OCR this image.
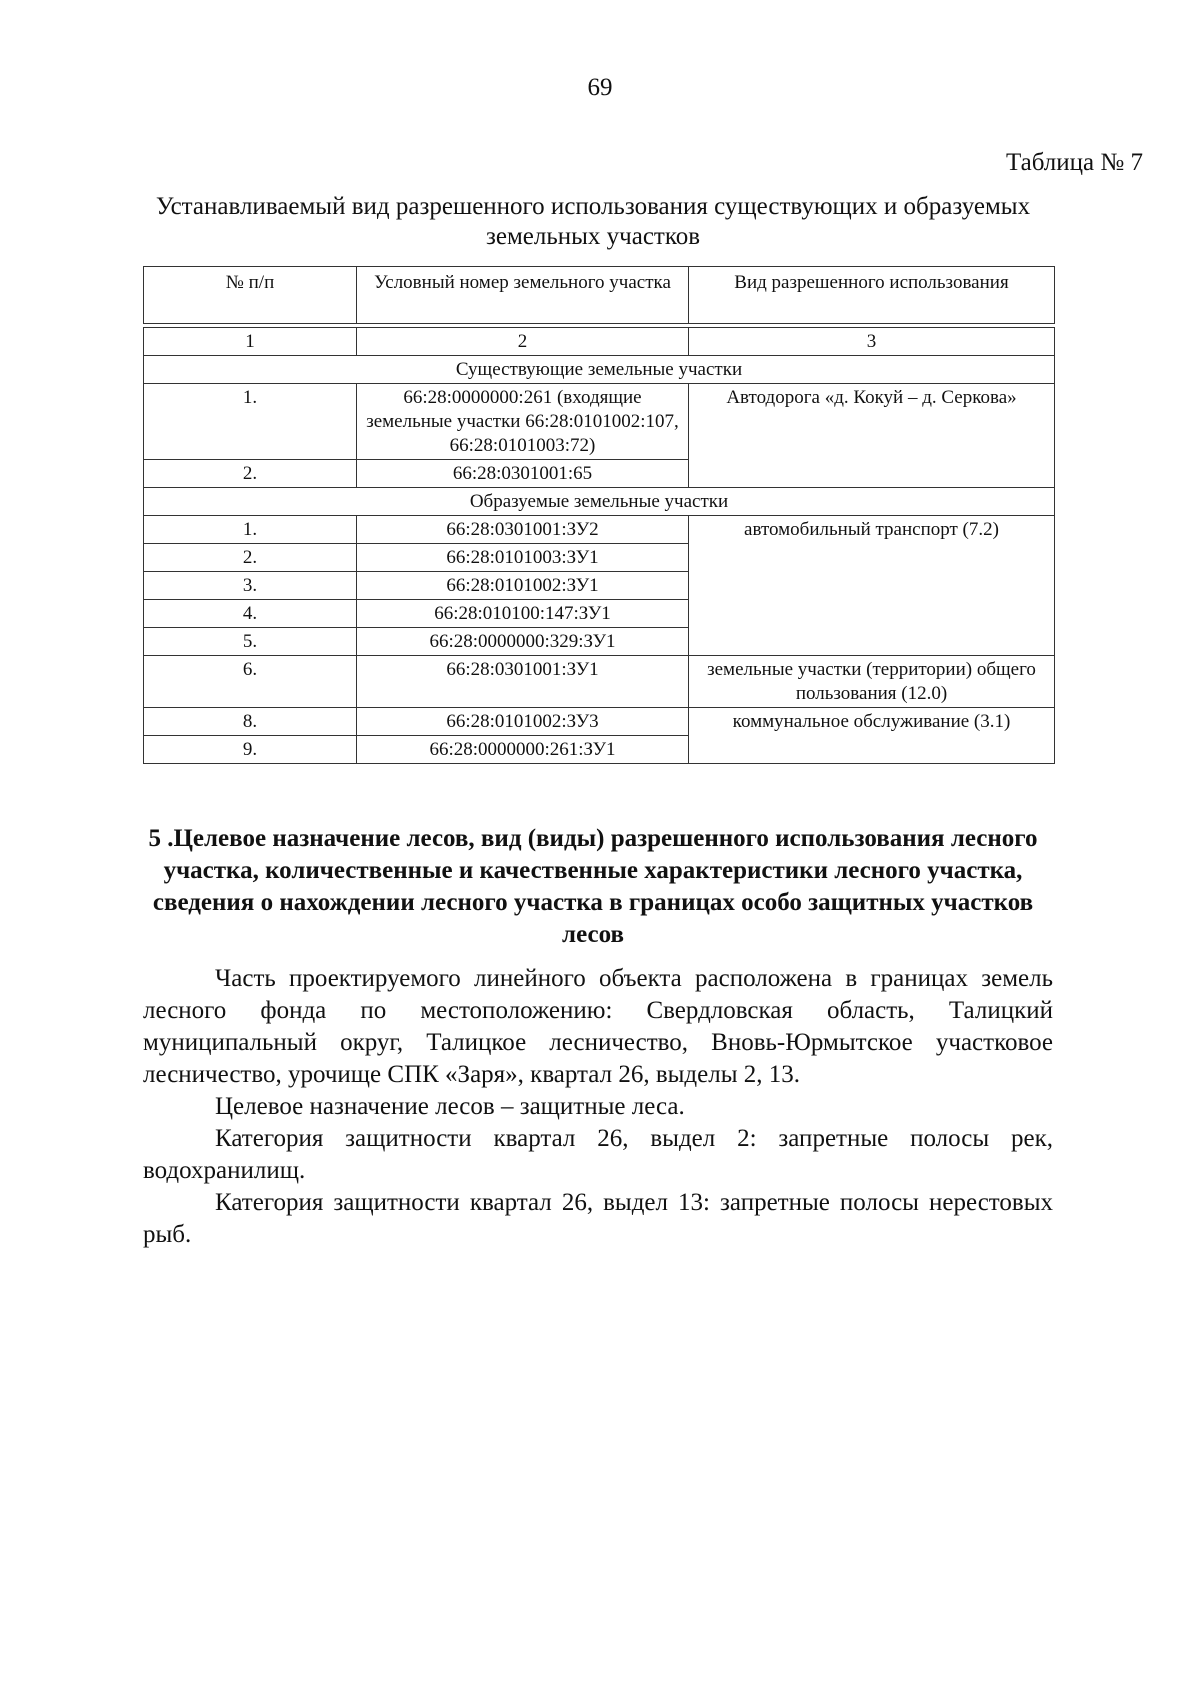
69
Таблица № 7
Устанавливаемый вид разрешенного использования существующих и образуемых земельных участков
№ п/п	Условный номер земельного участка	Вид разрешенного использования

1	2	3
Существующие земельные участки		
1.	66:28:0000000:261 (входящие земельные участки 66:28:0101002:107, 66:28:0101003:72)	Автодорога «д. Кокуй – д. Серкова»
2.	66:28:0301001:65	
Образуемые земельные участки		
1.	66:28:0301001:ЗУ2	автомобильный транспорт (7.2)
2.	66:28:0101003:ЗУ1	
3.	66:28:0101002:ЗУ1	
4.	66:28:010100:147:ЗУ1	
5.	66:28:0000000:329:ЗУ1	
6.	66:28:0301001:ЗУ1	земельные участки (территории) общего пользования (12.0)
8.	66:28:0101002:ЗУ3	коммунальное обслуживание (3.1)
9.	66:28:0000000:261:ЗУ1	
5 .Целевое назначение лесов, вид (виды) разрешенного использования лесного участка, количественные и качественные характеристики лесного участка, сведения о нахождении лесного участка в границах особо защитных участков лесов

Часть проектируемого линейного объекта расположена в границах земель лесного фонда по местоположению: Свердловская область, Талицкий муниципальный округ, Талицкое лесничество, Вновь-Юрмытское участковое лесничество, урочище СПК «Заря», квартал 26, выделы 2, 13.

Целевое назначение лесов – защитные леса.

Категория защитности квартал 26, выдел 2: запретные полосы рек, водохранилищ.

Категория защитности квартал 26, выдел 13: запретные полосы нерестовых рыб.
